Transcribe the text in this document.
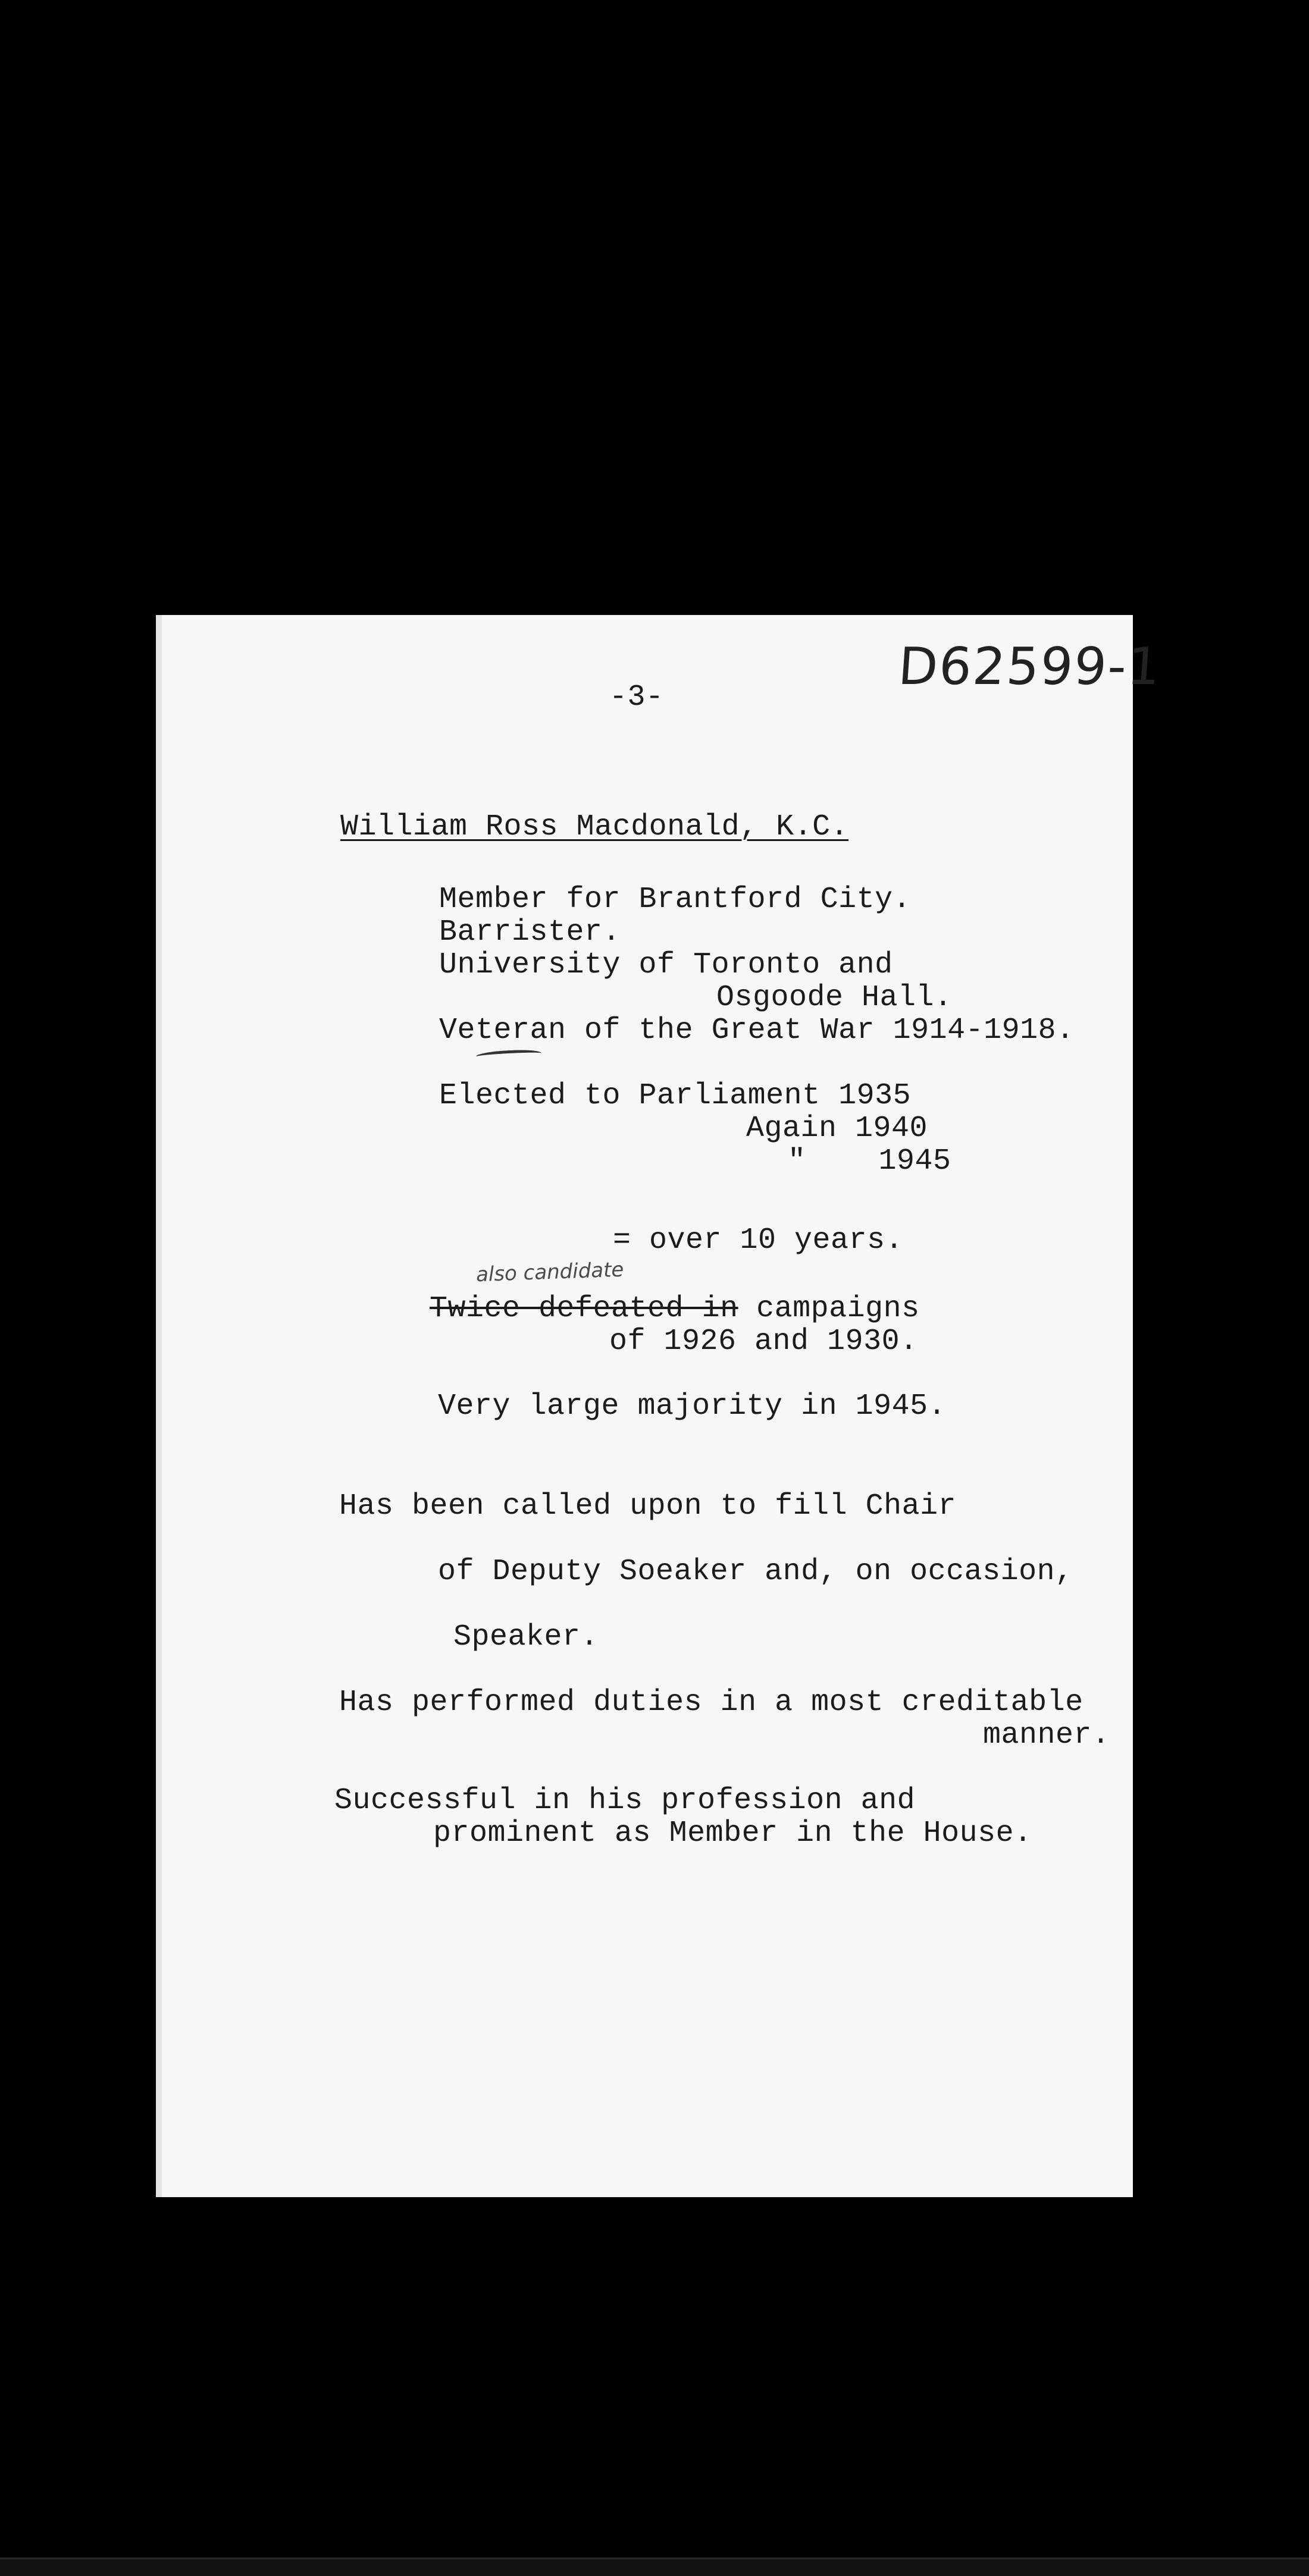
D62599-1
-3-
William Ross Macdonald, K.C.
Member for Brantford City.
Barrister.
University of Toronto and
Osgoode Hall.
Veteran of the Great War 1914-1918.
Elected to Parliament 1935
Again 1940
"    1945
= over 10 years.
also candidate
Twice defeated in campaigns
of 1926 and 1930.
Very large majority in 1945.
Has been called upon to fill Chair
of Deputy Soeaker and, on occasion,
Speaker.
Has performed duties in a most creditable
manner.
Successful in his profession and
prominent as Member in the House.
